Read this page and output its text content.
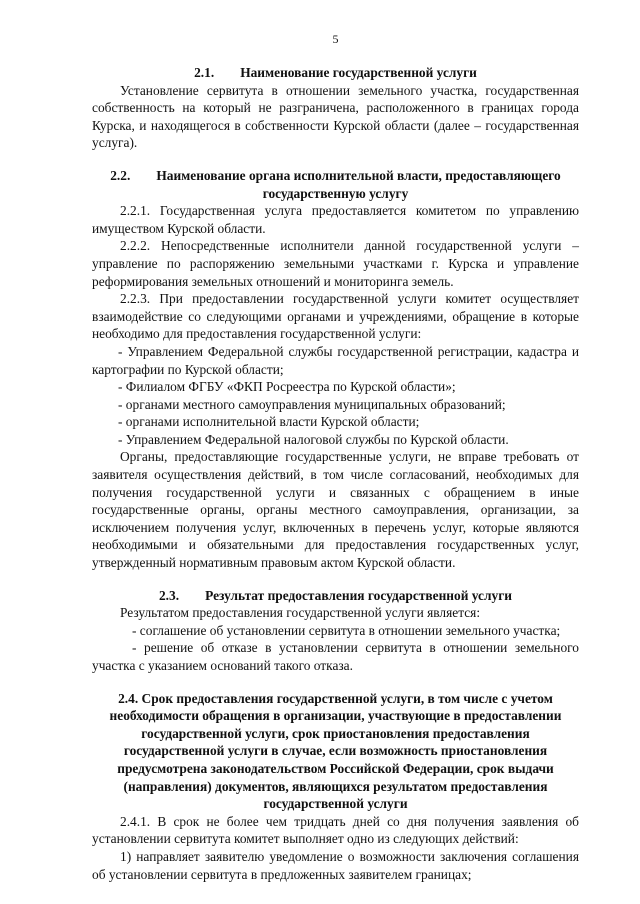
5
2.1. Наименование государственной услуги
Установление сервитута в отношении земельного участка, государственная собственность на который не разграничена, расположенного в границах города Курска, и находящегося в собственности Курской области (далее – государственная услуга).
2.2. Наименование органа исполнительной власти, предоставляющего
государственную услугу
2.2.1. Государственная услуга предоставляется комитетом по управлению имуществом Курской области.
2.2.2. Непосредственные исполнители данной государственной услуги – управление по распоряжению земельными участками г. Курска и управление реформирования земельных отношений и мониторинга земель.
2.2.3. При предоставлении государственной услуги комитет осуществляет взаимодействие со следующими органами и учреждениями, обращение в которые необходимо для предоставления государственной услуги:
- Управлением Федеральной службы государственной регистрации, кадастра и картографии по Курской области;
- Филиалом ФГБУ «ФКП Росреестра по Курской области»;
- органами местного самоуправления муниципальных образований;
- органами исполнительной власти Курской области;
- Управлением Федеральной налоговой службы по Курской области.
Органы, предоставляющие государственные услуги, не вправе требовать от заявителя осуществления действий, в том числе согласований, необходимых для получения государственной услуги и связанных с обращением в иные государственные органы, органы местного самоуправления, организации, за исключением получения услуг, включенных в перечень услуг, которые являются необходимыми и обязательными для предоставления государственных услуг, утвержденный нормативным правовым актом Курской области.
2.3. Результат предоставления государственной услуги
Результатом предоставления государственной услуги является:
- соглашение об установлении сервитута в отношении земельного участка;
- решение об отказе в установлении сервитута в отношении земельного участка с указанием оснований такого отказа.
2.4. Срок предоставления государственной услуги, в том числе с учетом
необходимости обращения в организации, участвующие в предоставлении
государственной услуги, срок приостановления предоставления
государственной услуги в случае, если возможность приостановления
предусмотрена законодательством Российской Федерации, срок выдачи
(направления) документов, являющихся результатом предоставления
государственной услуги
2.4.1. В срок не более чем тридцать дней со дня получения заявления об установлении сервитута комитет выполняет одно из следующих действий:
1) направляет заявителю уведомление о возможности заключения соглашения об установлении сервитута в предложенных заявителем границах;
